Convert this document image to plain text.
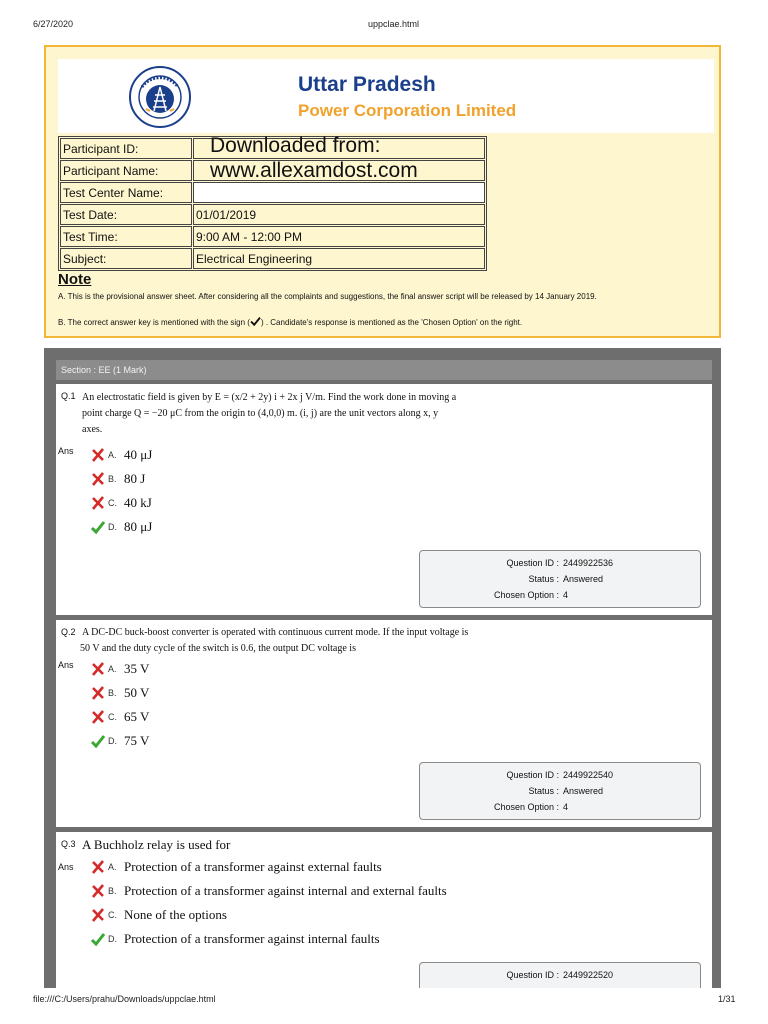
6/27/2020	uppclae.html
Uttar Pradesh
Power Corporation Limited
Participant ID:	
Participant Name:	
Test Center Name:	
Test Date:	01/01/2019
Test Time:	9:00 AM - 12:00 PM
Subject:	Electrical Engineering
Downloaded from:
www.allexamdost.com
Note
A. This is the provisional answer sheet. After considering all the complaints and suggestions, the final answer script will be released by 14 January 2019.
B. The correct answer key is mentioned with the sign ( ) . Candidate's response is mentioned as the 'Chosen Option' on the right.
Section : EE (1 Mark)
Q.1 An electrostatic field is given by E = (x/2 + 2y) i + 2x j V/m. Find the work done in moving a
point charge Q = −20 μC from the origin to (4,0,0) m. (i, j) are the unit vectors along x, y
axes.
Ans	A. 40 μJ
B. 80 J
C. 40 kJ
D. 80 μJ
Question ID : 2449922536
Status : Answered
Chosen Option : 4
Q.2 A DC-DC buck-boost converter is operated with continuous current mode. If the input voltage is
50 V and the duty cycle of the switch is 0.6, the output DC voltage is
Ans	A. 35 V
B. 50 V
C. 65 V
D. 75 V
Question ID : 2449922540
Status : Answered
Chosen Option : 4
Q.3 A Buchholz relay is used for
Ans	A. Protection of a transformer against external faults
B. Protection of a transformer against internal and external faults
C. None of the options
D. Protection of a transformer against internal faults
Question ID : 2449922520
file:///C:/Users/prahu/Downloads/uppclae.html	1/31
